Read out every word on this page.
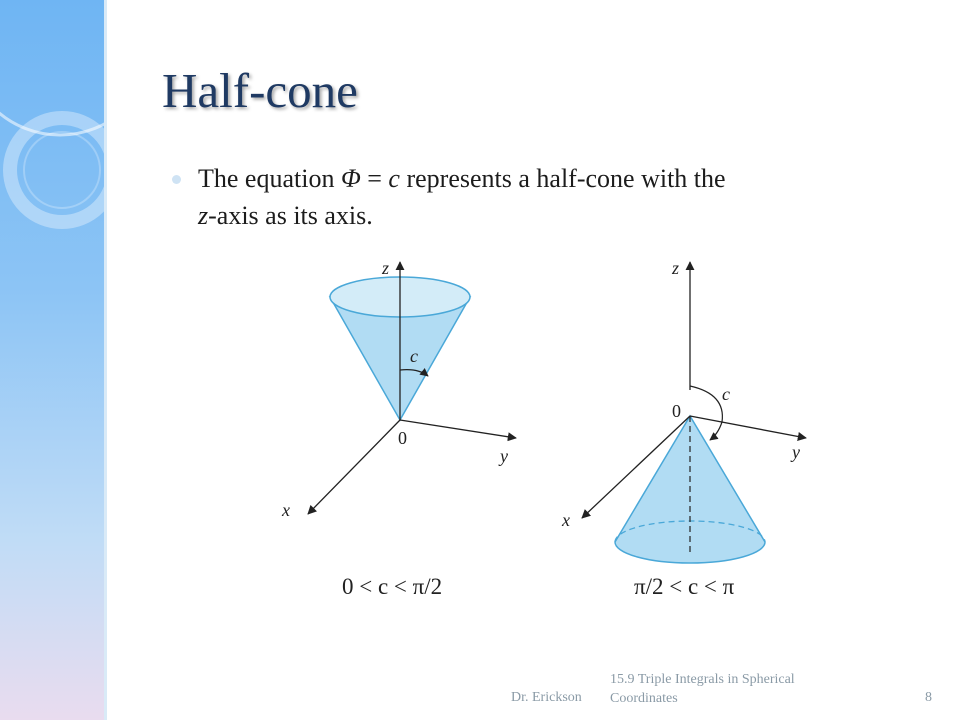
Half-cone
The equation Φ = c represents a half-cone with the
z-axis as its axis.
z
y
x
0
c
0 < c < π/2
z
y
x
0
c
π/2 < c < π
Dr. Erickson
15.9 Triple Integrals in Spherical Coordinates	8
